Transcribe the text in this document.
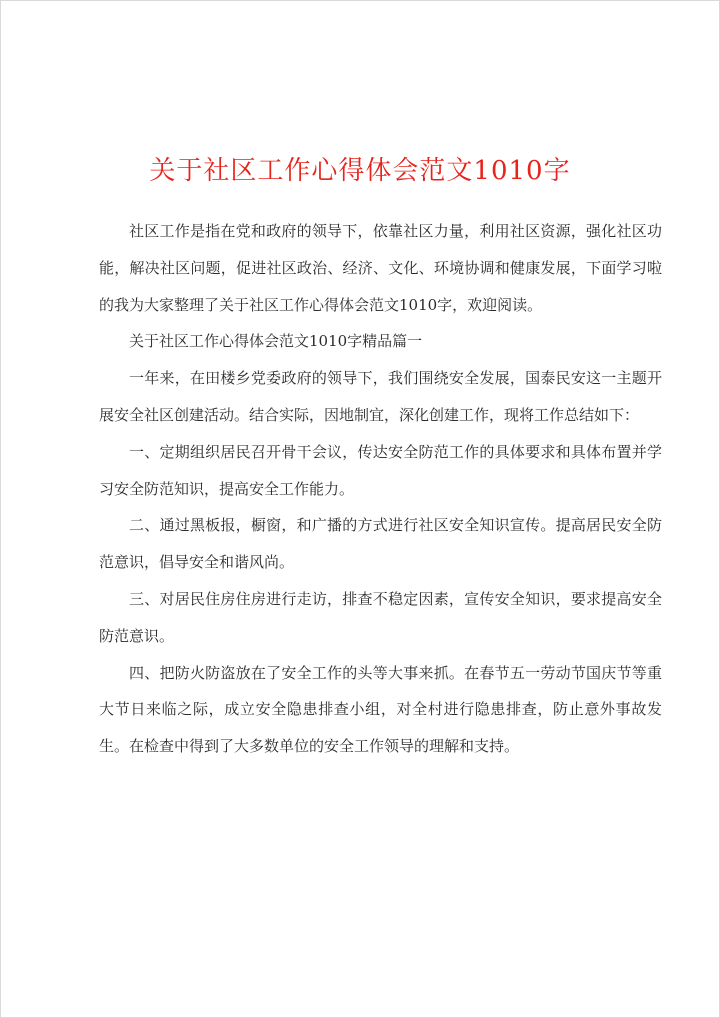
关于社区工作心得体会范文1010字

社区工作是指在党和政府的领导下，依靠社区力量，利用社区资源，强化社区功能，解决社区问题，促进社区政治、经济、文化、环境协调和健康发展，下面学习啦的我为大家整理了关于社区工作心得体会范文1010字，欢迎阅读。

关于社区工作心得体会范文1010字精品篇一

一年来，在田楼乡党委政府的领导下，我们围绕安全发展，国泰民安这一主题开展安全社区创建活动。结合实际，因地制宜，深化创建工作，现将工作总结如下：

一、定期组织居民召开骨干会议，传达安全防范工作的具体要求和具体布置并学习安全防范知识，提高安全工作能力。

二、通过黑板报，橱窗，和广播的方式进行社区安全知识宣传。提高居民安全防范意识，倡导安全和谐风尚。

三、对居民住房住房进行走访，排查不稳定因素，宣传安全知识，要求提高安全防范意识。

四、把防火防盗放在了安全工作的头等大事来抓。在春节五一劳动节国庆节等重大节日来临之际，成立安全隐患排查小组，对全村进行隐患排查，防止意外事故发生。在检查中得到了大多数单位的安全工作领导的理解和支持。
